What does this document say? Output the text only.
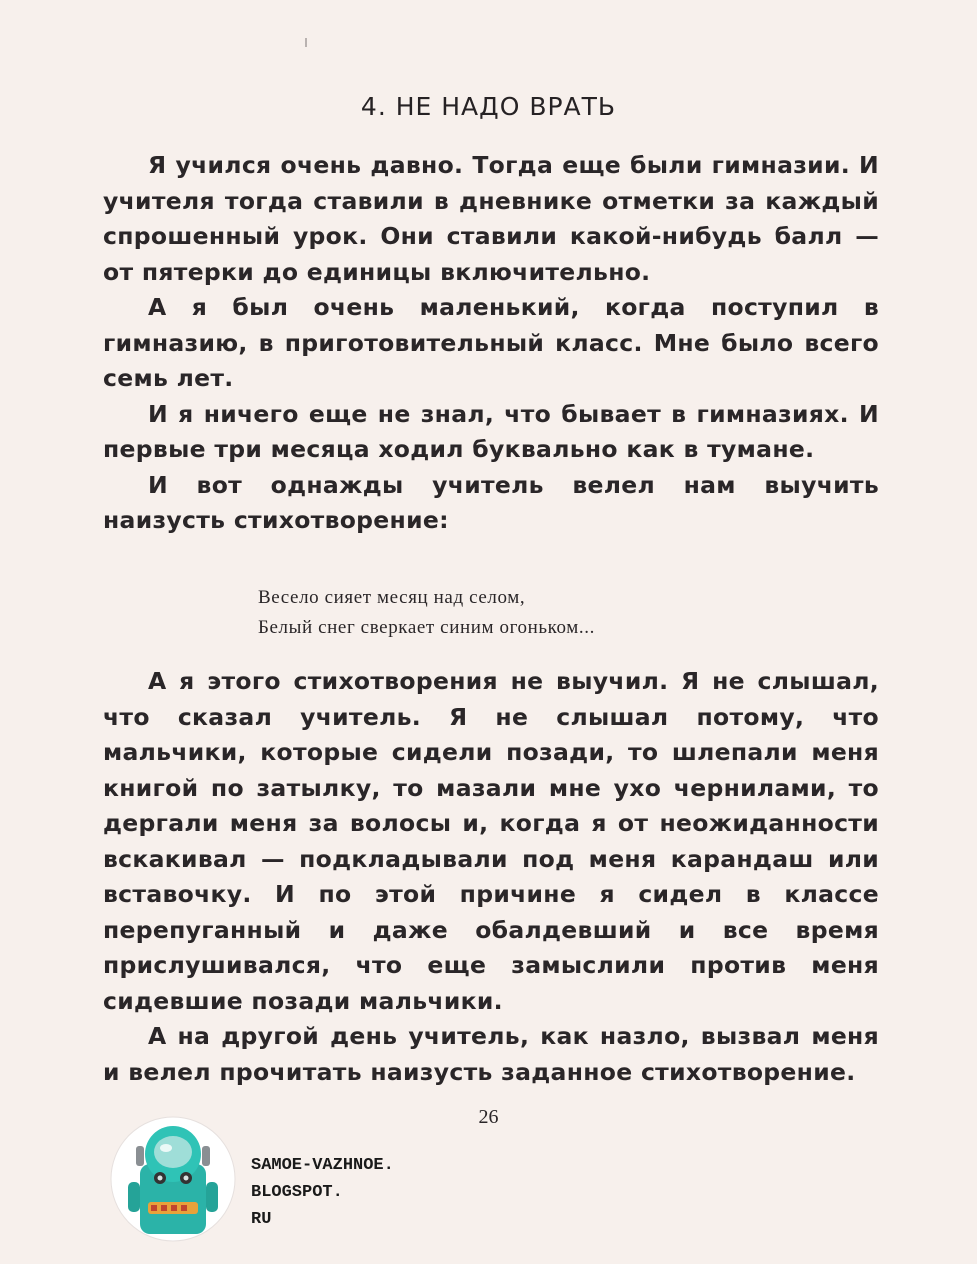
4. НЕ НАДО ВРАТЬ

Я учился очень давно. Тогда еще были гимназии. И учителя тогда ставили в дневнике отметки за каждый спрошенный урок. Они ставили какой-нибудь балл — от пятерки до единицы включительно.

А я был очень маленький, когда поступил в гимназию, в приготовительный класс. Мне было всего семь лет.

И я ничего еще не знал, что бывает в гимназиях. И первые три месяца ходил буквально как в тумане.

И вот однажды учитель велел нам выучить наизусть стихотворение:

Весело сияет месяц над селом,
Белый снег сверкает синим огоньком...

А я этого стихотворения не выучил. Я не слышал, что сказал учитель. Я не слышал потому, что мальчики, которые сидели позади, то шлепали меня книгой по затылку, то мазали мне ухо чернилами, то дергали меня за волосы и, когда я от неожиданности вскакивал — подкладывали под меня карандаш или вставочку. И по этой причине я сидел в классе перепуганный и даже обалдевший и все время прислушивался, что еще замыслили против меня сидевшие позади мальчики.

А на другой день учитель, как назло, вызвал меня и велел прочитать наизусть заданное стихотворение.

26
SAMOE-VAZHNOE.
BLOGSPOT.
RU
